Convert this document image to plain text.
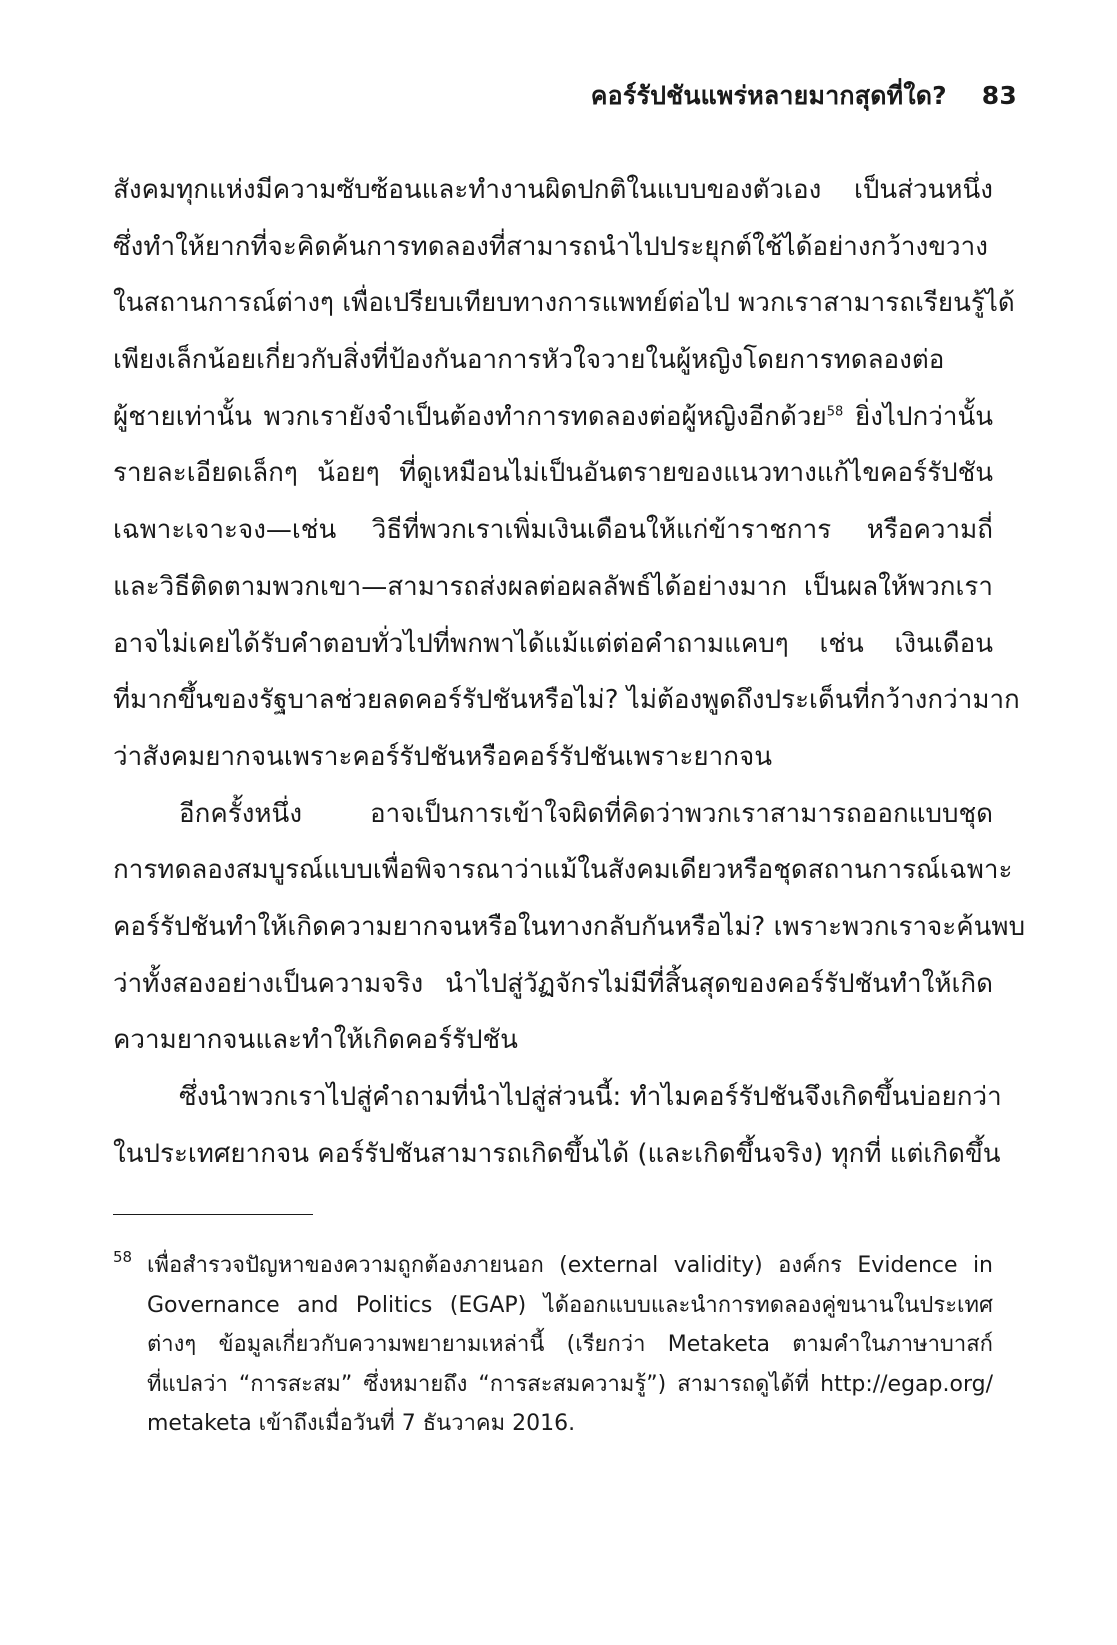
คอร์รัปชันแพร่หลายมากสุดที่ใด? 83
สังคมทุกแห่งมีความซับซ้อนและทำงานผิดปกติในแบบของตัวเอง เป็นส่วนหนึ่ง
ซึ่งทำให้ยากที่จะคิดค้นการทดลองที่สามารถนำไปประยุกต์ใช้ได้อย่างกว้างขวาง
ในสถานการณ์ต่างๆ เพื่อเปรียบเทียบทางการแพทย์ต่อไป พวกเราสามารถเรียนรู้ได้
เพียงเล็กน้อยเกี่ยวกับสิ่งที่ป้องกันอาการหัวใจวายในผู้หญิงโดยการทดลองต่อ
ผู้ชายเท่านั้น พวกเรายังจำเป็นต้องทำการทดลองต่อผู้หญิงอีกด้วย$^{58}$ ยิ่งไปกว่านั้น
รายละเอียดเล็กๆ น้อยๆ ที่ดูเหมือนไม่เป็นอันตรายของแนวทางแก้ไขคอร์รัปชัน
เฉพาะเจาะจง—เช่น วิธีที่พวกเราเพิ่มเงินเดือนให้แก่ข้าราชการ หรือความถี่
และวิธีติดตามพวกเขา—สามารถส่งผลต่อผลลัพธ์ได้อย่างมาก เป็นผลให้พวกเรา
อาจไม่เคยได้รับคำตอบทั่วไปที่พกพาได้แม้แต่ต่อคำถามแคบๆ เช่น เงินเดือน
ที่มากขึ้นของรัฐบาลช่วยลดคอร์รัปชันหรือไม่? ไม่ต้องพูดถึงประเด็นที่กว้างกว่ามาก
ว่าสังคมยากจนเพราะคอร์รัปชันหรือคอร์รัปชันเพราะยากจน
อีกครั้งหนึ่ง อาจเป็นการเข้าใจผิดที่คิดว่าพวกเราสามารถออกแบบชุด
การทดลองสมบูรณ์แบบเพื่อพิจารณาว่าแม้ในสังคมเดียวหรือชุดสถานการณ์เฉพาะ
คอร์รัปชันทำให้เกิดความยากจนหรือในทางกลับกันหรือไม่? เพราะพวกเราจะค้นพบ
ว่าทั้งสองอย่างเป็นความจริง นำไปสู่วัฏจักรไม่มีที่สิ้นสุดของคอร์รัปชันทำให้เกิด
ความยากจนและทำให้เกิดคอร์รัปชัน
ซึ่งนำพวกเราไปสู่คำถามที่นำไปสู่ส่วนนี้: ทำไมคอร์รัปชันจึงเกิดขึ้นบ่อยกว่า
ในประเทศยากจน คอร์รัปชันสามารถเกิดขึ้นได้ (และเกิดขึ้นจริง) ทุกที่ แต่เกิดขึ้น
58 เพื่อสำรวจปัญหาของความถูกต้องภายนอก (external validity) องค์กร Evidence in
Governance and Politics (EGAP) ได้ออกแบบและนำการทดลองคู่ขนานในประเทศ
ต่างๆ ข้อมูลเกี่ยวกับความพยายามเหล่านี้ (เรียกว่า Metaketa ตามคำในภาษาบาสก์
ที่แปลว่า “การสะสม” ซึ่งหมายถึง “การสะสมความรู้”) สามารถดูได้ที่ http://egap.org/
metaketa เข้าถึงเมื่อวันที่ 7 ธันวาคม 2016.
